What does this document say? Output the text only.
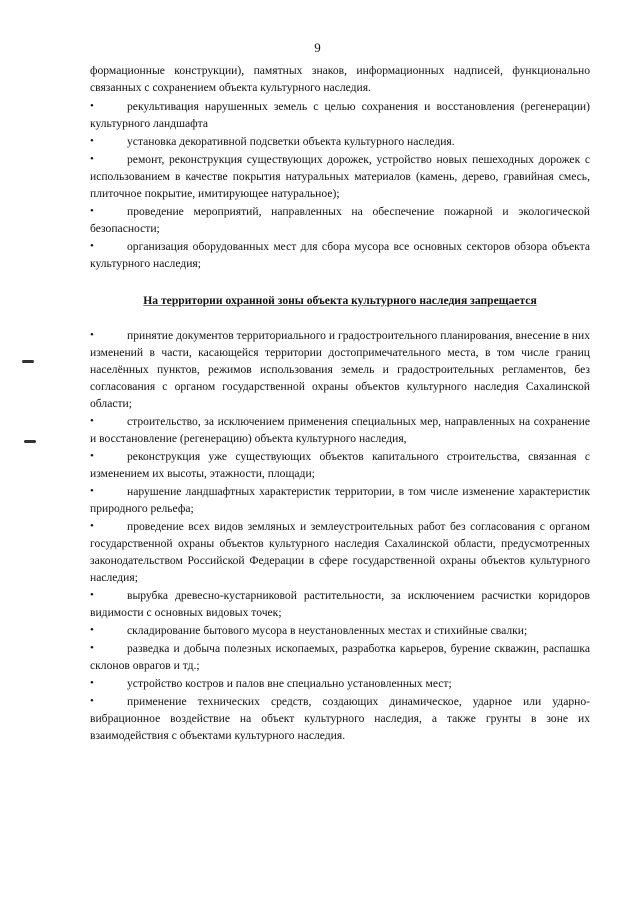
9

формационные конструкции), памятных знаков, информационных надписей, функционально связанных с сохранением объекта культурного наследия.

•	рекультивация нарушенных земель с целью сохранения и восстановления (регенерации) культурного ландшафта
•	установка декоративной подсветки объекта культурного наследия.
•	ремонт, реконструкция существующих дорожек, устройство новых пешеходных дорожек с использованием в качестве покрытия натуральных материалов (камень, дерево, гравийная смесь, плиточное покрытие, имитирующее натуральное);
•	проведение мероприятий, направленных на обеспечение пожарной и экологической безопасности;
•	организация оборудованных мест для сбора мусора все основных секторов обзора объекта культурного наследия;
На территории охранной зоны объекта культурного наследия запрещается
•	принятие документов территориального и градостроительного планирования, внесение в них изменений в части, касающейся территории достопримечательного места, в том числе границ населённых пунктов, режимов использования земель и градостроительных регламентов, без согласования с органом государственной охраны объектов культурного наследия Сахалинской области;
•	строительство, за исключением применения специальных мер, направленных на сохранение и восстановление (регенерацию) объекта культурного наследия,
•	реконструкция уже существующих объектов капитального строительства, связанная с изменением их высоты, этажности, площади;
•	нарушение ландшафтных характеристик территории, в том числе изменение характеристик природного рельефа;
•	проведение всех видов земляных и землеустроительных работ без согласования с органом государственной охраны объектов культурного наследия Сахалинской области, предусмотренных законодательством Российской Федерации в сфере государственной охраны объектов культурного наследия;
•	вырубка древесно-кустарниковой растительности, за исключением расчистки коридоров видимости с основных видовых точек;
•	складирование бытового мусора в неустановленных местах и стихийные свалки;
•	разведка и добыча полезных ископаемых, разработка карьеров, бурение скважин, распашка склонов оврагов и тд.;
•	устройство костров и палов вне специально установленных мест;
•	применение технических средств, создающих динамическое, ударное или ударно-вибрационное воздействие на объект культурного наследия, а также грунты в зоне их взаимодействия с объектами культурного наследия.
